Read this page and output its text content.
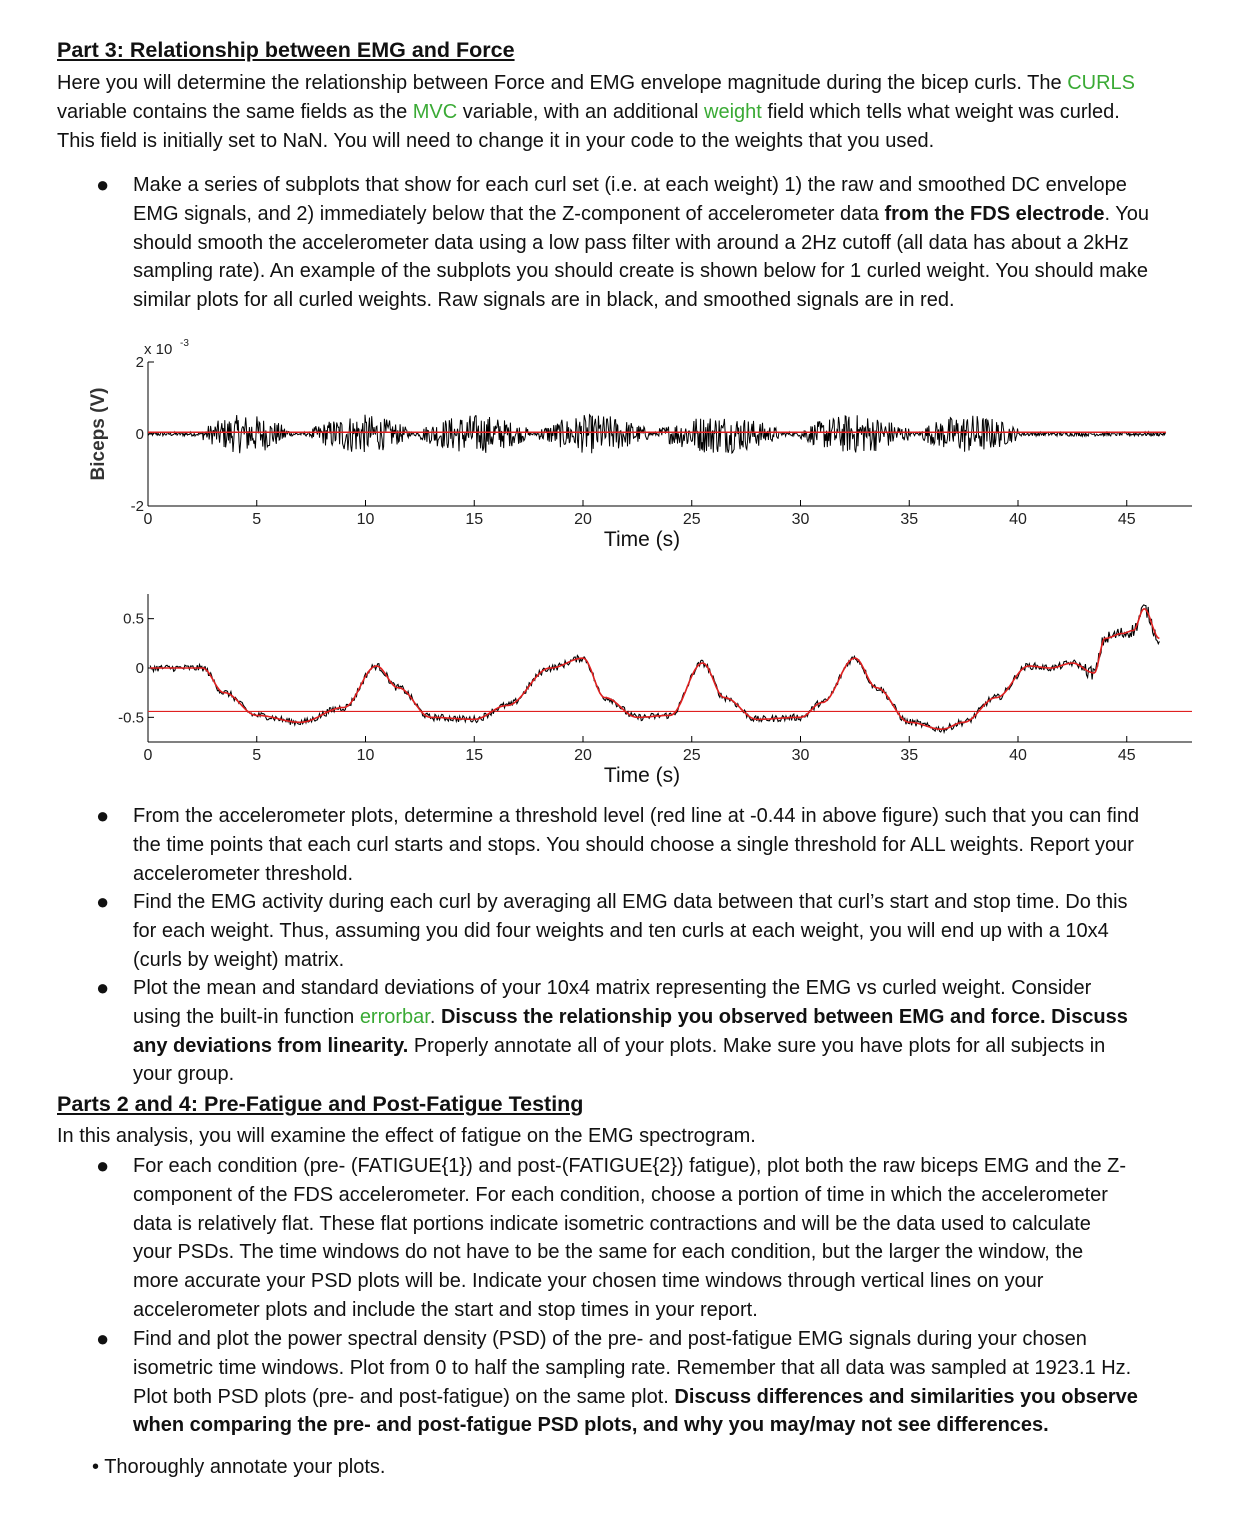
Part 3: Relationship between EMG and Force
Here you will determine the relationship between Force and EMG envelope magnitude during the bicep curls. The CURLS
variable contains the same fields as the MVC variable, with an additional weight field which tells what weight was curled.
This field is initially set to NaN. You will need to change it in your code to the weights that you used.
● Make a series of subplots that show for each curl set (i.e. at each weight) 1) the raw and smoothed DC envelope
EMG signals, and 2) immediately below that the Z-component of accelerometer data from the FDS electrode. You
should smooth the accelerometer data using a low pass filter with around a 2Hz cutoff (all data has about a 2kHz
sampling rate). An example of the subplots you should create is shown below for 1 curled weight. You should make
similar plots for all curled weights. Raw signals are in black, and smoothed signals are in red.
0	5	10	15	20	25	30	35	40	45
2
0
-2
Time (s)
x 10 -3
Biceps (V)
0	5	10	15	20	25	30	35	40	45
0.5
0
-0.5
Time (s)
● From the accelerometer plots, determine a threshold level (red line at -0.44 in above figure) such that you can find
the time points that each curl starts and stops. You should choose a single threshold for ALL weights. Report your
accelerometer threshold.
● Find the EMG activity during each curl by averaging all EMG data between that curl’s start and stop time. Do this
for each weight. Thus, assuming you did four weights and ten curls at each weight, you will end up with a 10x4
(curls by weight) matrix.
● Plot the mean and standard deviations of your 10x4 matrix representing the EMG vs curled weight. Consider
using the built-in function errorbar. Discuss the relationship you observed between EMG and force. Discuss
any deviations from linearity. Properly annotate all of your plots. Make sure you have plots for all subjects in
your group.
Parts 2 and 4: Pre-Fatigue and Post-Fatigue Testing
In this analysis, you will examine the effect of fatigue on the EMG spectrogram.
● For each condition (pre- (FATIGUE{1}) and post-(FATIGUE{2}) fatigue), plot both the raw biceps EMG and the Z-
component of the FDS accelerometer. For each condition, choose a portion of time in which the accelerometer
data is relatively flat. These flat portions indicate isometric contractions and will be the data used to calculate
your PSDs. The time windows do not have to be the same for each condition, but the larger the window, the
more accurate your PSD plots will be. Indicate your chosen time windows through vertical lines on your
accelerometer plots and include the start and stop times in your report.
● Find and plot the power spectral density (PSD) of the pre- and post-fatigue EMG signals during your chosen
isometric time windows. Plot from 0 to half the sampling rate. Remember that all data was sampled at 1923.1 Hz.
Plot both PSD plots (pre- and post-fatigue) on the same plot. Discuss differences and similarities you observe
when comparing the pre- and post-fatigue PSD plots, and why you may/may not see differences.
• Thoroughly annotate your plots.
